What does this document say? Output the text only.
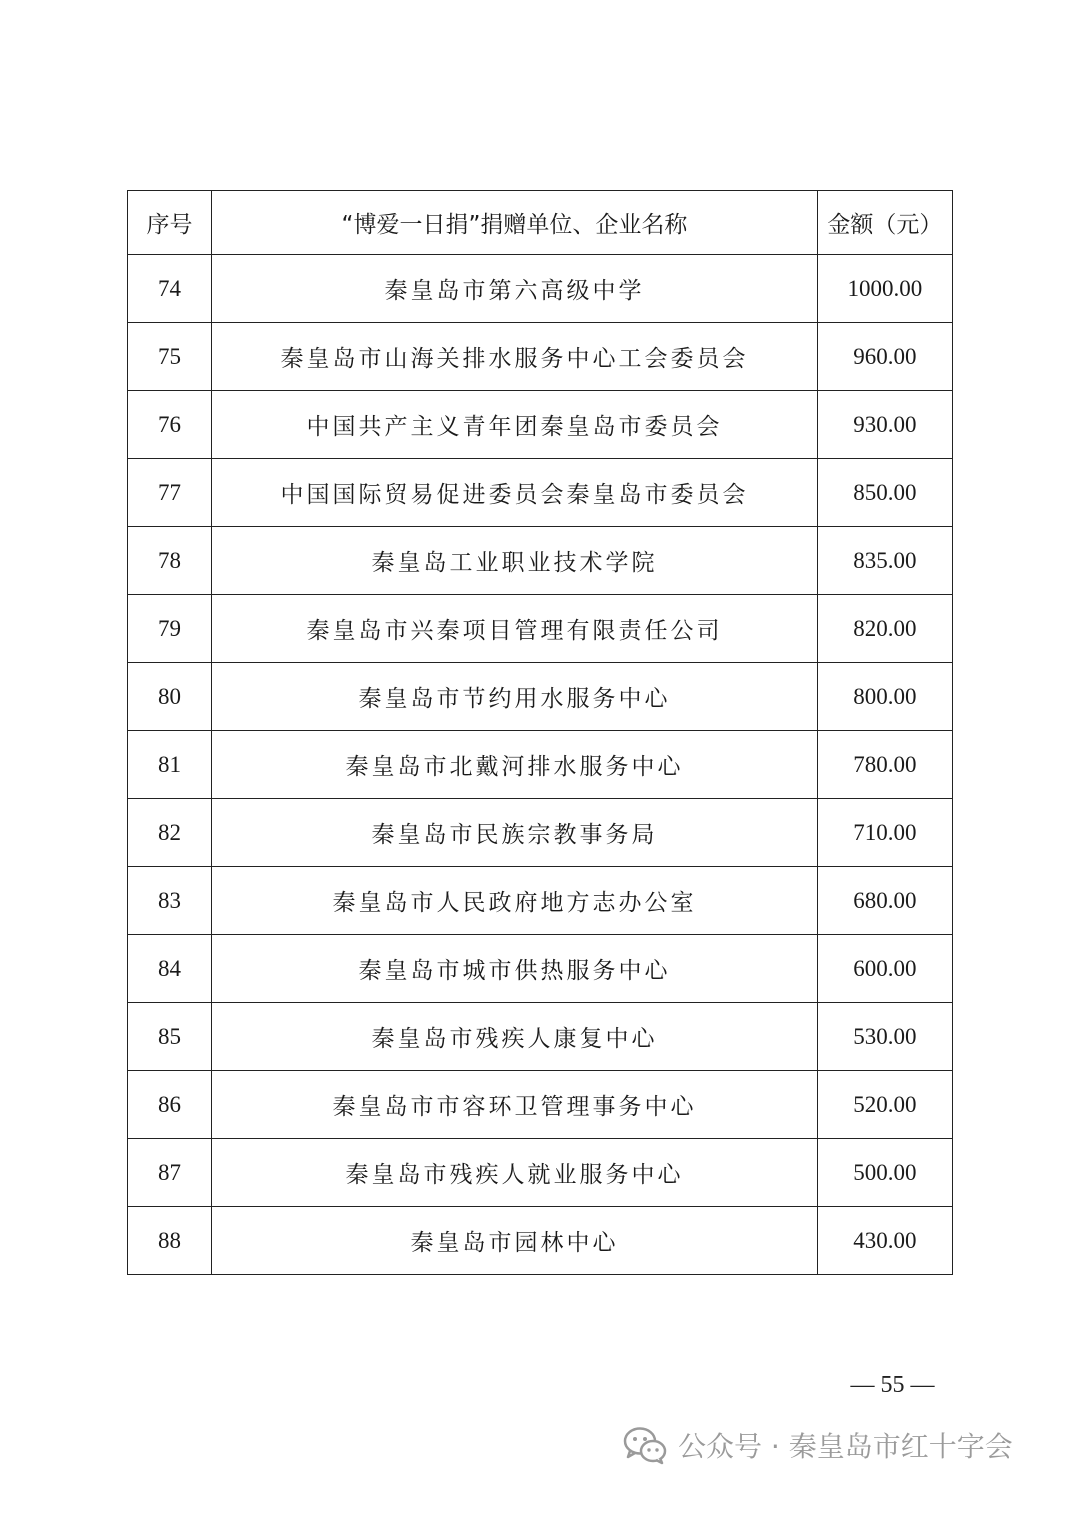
序号	“博爱一日捐”捐赠单位、企业名称	金额（元）
74	秦皇岛市第六高级中学	1000.00
75	秦皇岛市山海关排水服务中心工会委员会	960.00
76	中国共产主义青年团秦皇岛市委员会	930.00
77	中国国际贸易促进委员会秦皇岛市委员会	850.00
78	秦皇岛工业职业技术学院	835.00
79	秦皇岛市兴秦项目管理有限责任公司	820.00
80	秦皇岛市节约用水服务中心	800.00
81	秦皇岛市北戴河排水服务中心	780.00
82	秦皇岛市民族宗教事务局	710.00
83	秦皇岛市人民政府地方志办公室	680.00
84	秦皇岛市城市供热服务中心	600.00
85	秦皇岛市残疾人康复中心	530.00
86	秦皇岛市市容环卫管理事务中心	520.00
87	秦皇岛市残疾人就业服务中心	500.00
88	秦皇岛市园林中心	430.00
— 55 —
公众号 · 秦皇岛市红十字会
